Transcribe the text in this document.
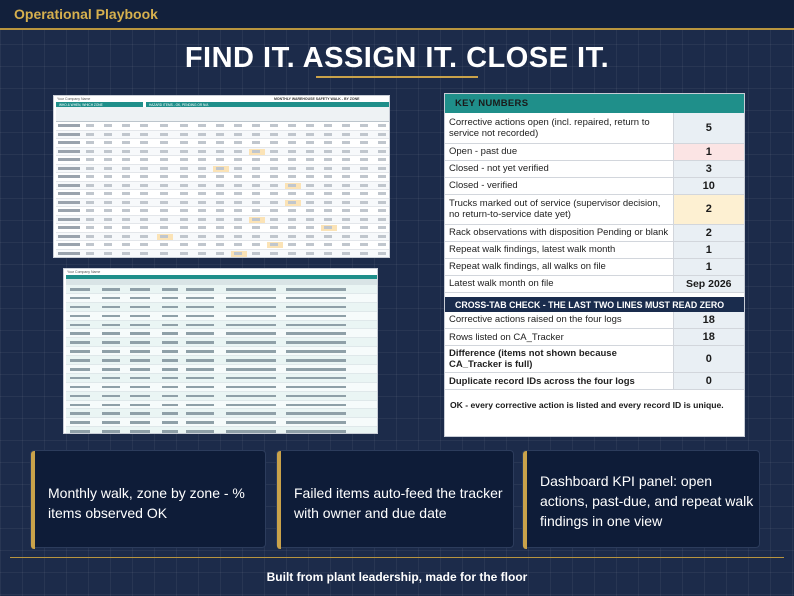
Operational Playbook
FIND IT. ASSIGN IT. CLOSE IT.
Your Company Name	MONTHLY WAREHOUSE SAFETY WALK - BY ZONE
WHO & WHEN, WHICH ZONE	HAZARD ITEMS - OK, PENDING OR N/A
Your Company Name
KEY NUMBERS
Corrective actions open (incl. repaired, return to service not recorded)	5
Open - past due	1
Closed - not yet verified	3
Closed - verified	10
Trucks marked out of service (supervisor decision, no return-to-service date yet)	2
Rack observations with disposition Pending or blank	2
Repeat walk findings, latest walk month	1
Repeat walk findings, all walks on file	1
Latest walk month on file	Sep 2026
CROSS-TAB CHECK - THE LAST TWO LINES MUST READ ZERO
Corrective actions raised on the four logs	18
Rows listed on CA_Tracker	18
Difference (items not shown because CA_Tracker is full)	0
Duplicate record IDs across the four logs	0
OK - every corrective action is listed and every record ID is unique.
Monthly walk, zone by zone - % items observed OK
Failed items auto-feed the tracker with owner and due date
Dashboard KPI panel: open actions, past-due, and repeat walk findings in one view
Built from plant leadership, made for the floor
